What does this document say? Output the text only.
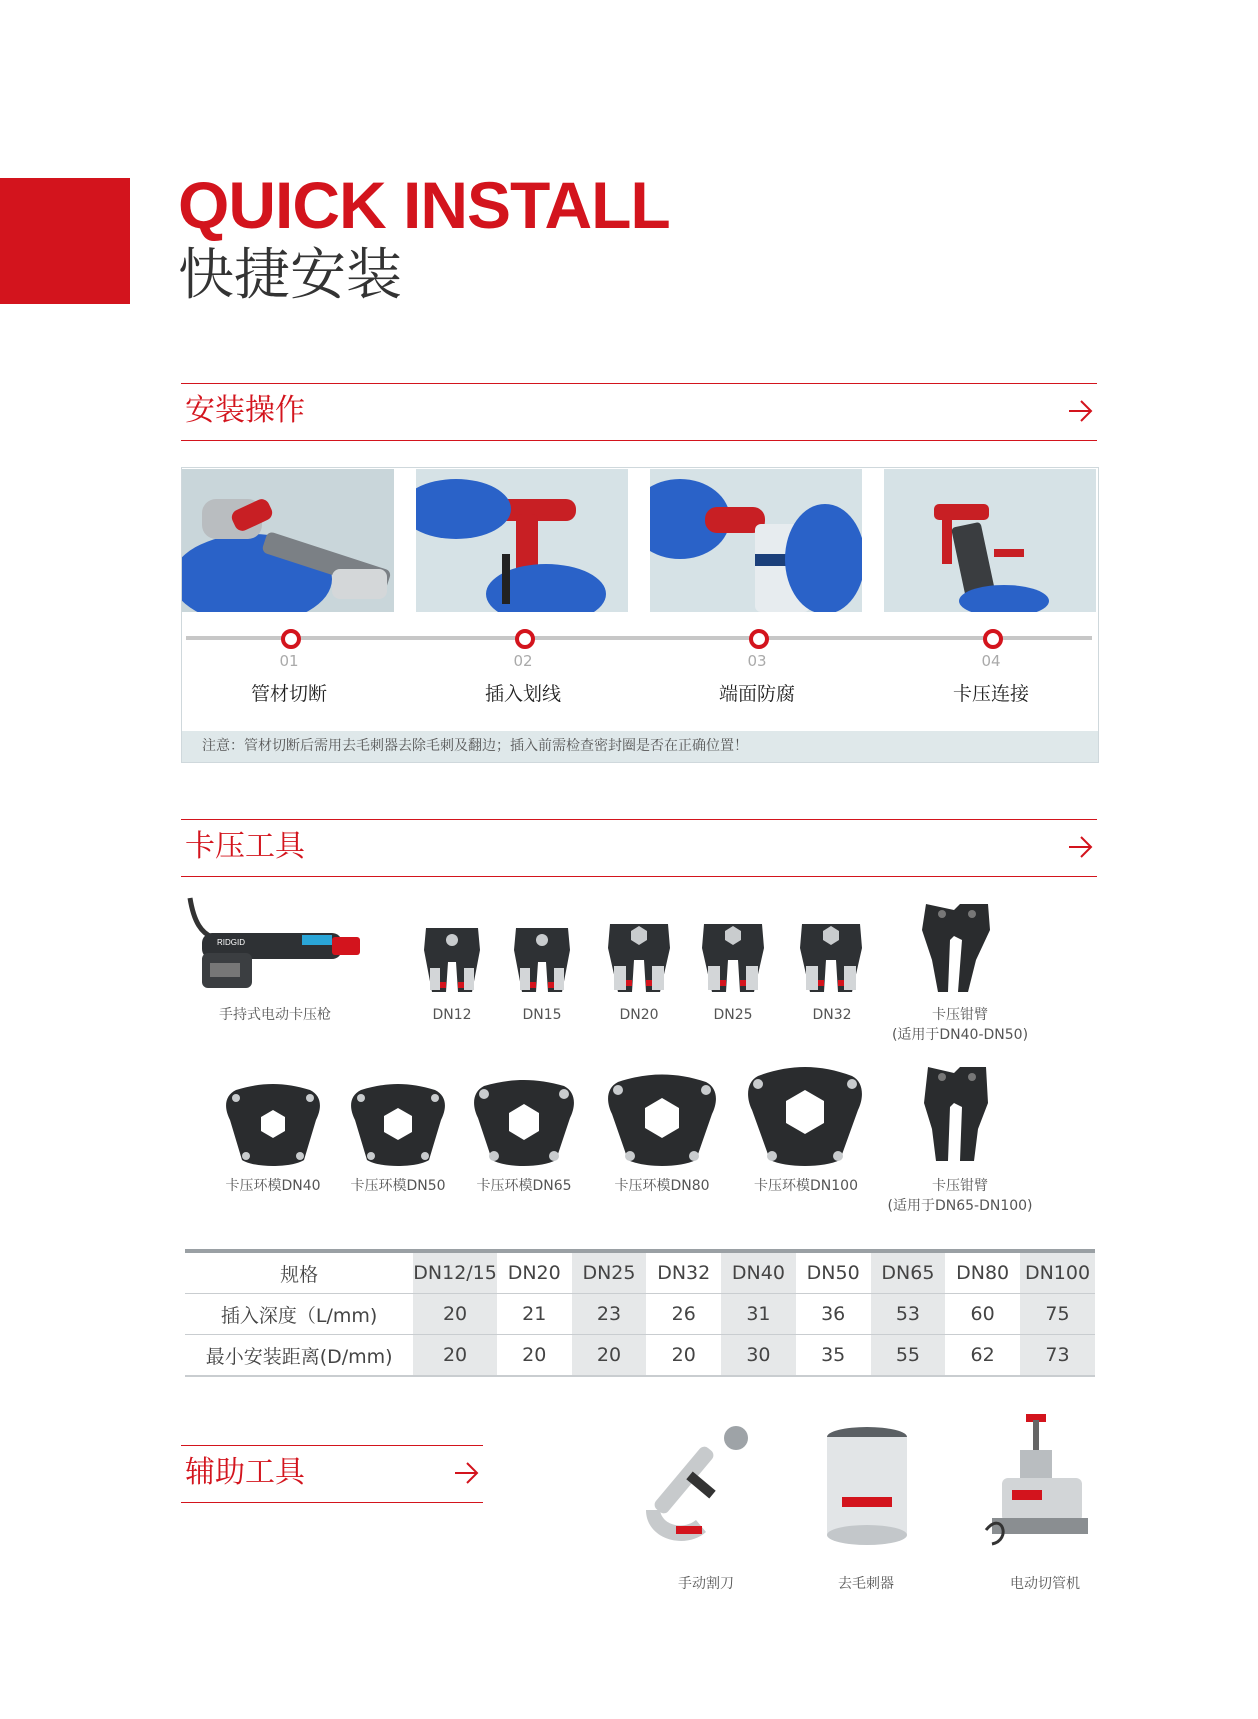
QUICK INSTALL
快捷安装
安装操作
01	02	03	04
管材切断	插入划线	端面防腐	卡压连接
注意：管材切断后需用去毛刺器去除毛刺及翻边；插入前需检查密封圈是否在正确位置！
卡压工具
RIDGID
手持式电动卡压枪	DN12	DN15	DN20	DN25	DN32	卡压钳臂
(适用于DN40-DN50)
卡压环模DN40	卡压环模DN50	卡压环模DN65	卡压环模DN80	卡压环模DN100	卡压钳臂
(适用于DN65-DN100)
规格	DN12/15	DN20	DN25	DN32	DN40	DN50	DN65	DN80	DN100
插入深度（L/mm)	20	21	23	26	31	36	53	60	75
最小安装距离(D/mm)	20	20	20	20	30	35	55	62	73
辅助工具
手动割刀	去毛刺器	电动切管机
